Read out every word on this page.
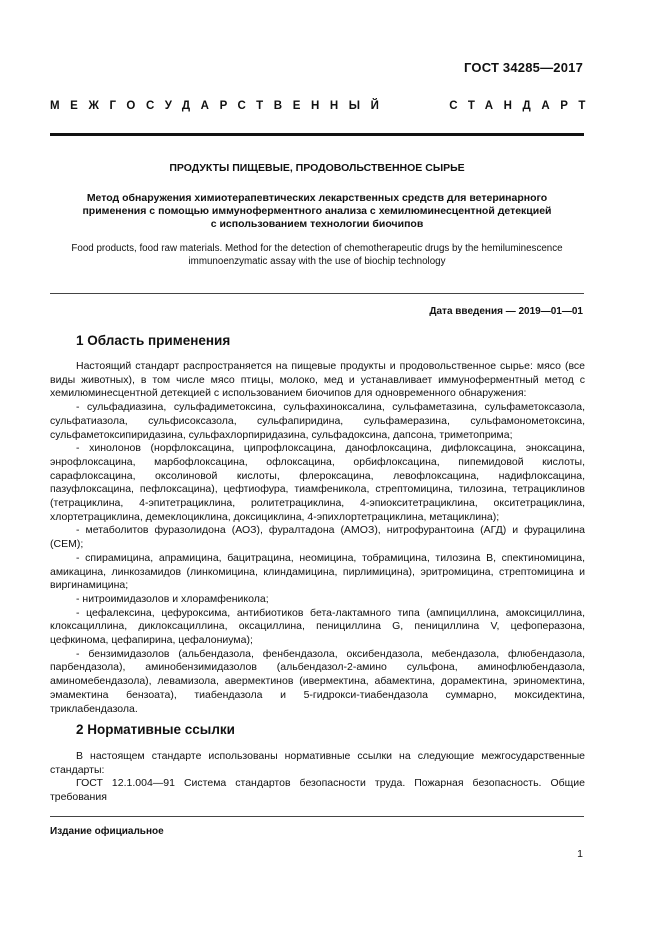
ГОСТ 34285—2017
МЕЖГОСУДАРСТВЕННЫЙ	СТАНДАРТ
ПРОДУКТЫ ПИЩЕВЫЕ, ПРОДОВОЛЬСТВЕННОЕ СЫРЬЕ
Метод обнаружения химиотерапевтических лекарственных средств для ветеринарного
применения с помощью иммуноферментного анализа с хемилюминесцентной детекцией
с использованием технологии биочипов
Food products, food raw materials. Method for the detection of chemotherapeutic drugs by the hemiluminescence
immunoenzymatic assay with the use of biochip technology
Дата введения — 2019—01—01
1 Область применения

Настоящий стандарт распространяется на пищевые продукты и продовольственное сырье: мясо (все виды животных), в том числе мясо птицы, молоко, мед и устанавливает иммуноферментный метод с хемилюминесцентной детекцией с использованием биочипов для одновременного обнаружения:

- сульфадиазина, сульфадиметоксина, сульфахиноксалина, сульфаметазина, сульфаметоксазола, сульфатиазола, сульфисоксазола, сульфапиридина, сульфамеразина, сульфамонометоксина, сульфаметоксипиридазина, сульфахлорпиридазина, сульфадоксина, дапсона, триметоприма;

- хинолонов (норфлоксацина, ципрофлоксацина, данофлоксацина, дифлоксацина, эноксацина, энрофлоксацина, марбофлоксацина, офлоксацина, орбифлоксацина, пипемидовой кислоты, сарафлоксацина, оксолиновой кислоты, флероксацина, левофлоксацина, надифлоксацина, пазуфлоксацина, пефлоксацина), цефтиофура, тиамфеникола, стрептомицина, тилозина, тетрациклинов (тетрациклина, 4-эпитетрациклина, ролитетрациклина, 4-эпиокситетрациклина, окситетрациклина, хлортетрациклина, демеклоциклина, доксициклина, 4-эпихлортетрациклина, метациклина);

- метаболитов фуразолидона (АОЗ), фуралтадона (АМОЗ), нитрофурантоина (АГД) и фурацилина (СЕМ);

- спирамицина, апрамицина, бацитрацина, неомицина, тобрамицина, тилозина В, спектиномицина, амикацина, линкозамидов (линкомицина, клиндамицина, пирлимицина), эритромицина, стрептомицина и виргинамицина;

- нитроимидазолов и хлорамфеникола;

- цефалексина, цефуроксима, антибиотиков бета-лактамного типа (ампициллина, амоксициллина, клоксациллина, диклоксациллина, оксациллина, пенициллина G, пенициллина V, цефоперазона, цефкинома, цефапирина, цефалониума);

- бензимидазолов (альбендазола, фенбендазола, оксибендазола, мебендазола, флюбендазола, парбендазола), аминобензимидазолов (альбендазол-2-амино сульфона, аминофлюбендазола, аминомебендазола), левамизола, авермектинов (ивермектина, абамектина, дорамектина, эриномектина, эмамектина бензоата), тиабендазола и 5-гидрокси-тиабендазола суммарно, моксидектина, триклабендазола.

2 Нормативные ссылки

В настоящем стандарте использованы нормативные ссылки на следующие межгосударственные стандарты:

ГОСТ 12.1.004—91 Система стандартов безопасности труда. Пожарная безопасность. Общие требования

Издание официальное
1
